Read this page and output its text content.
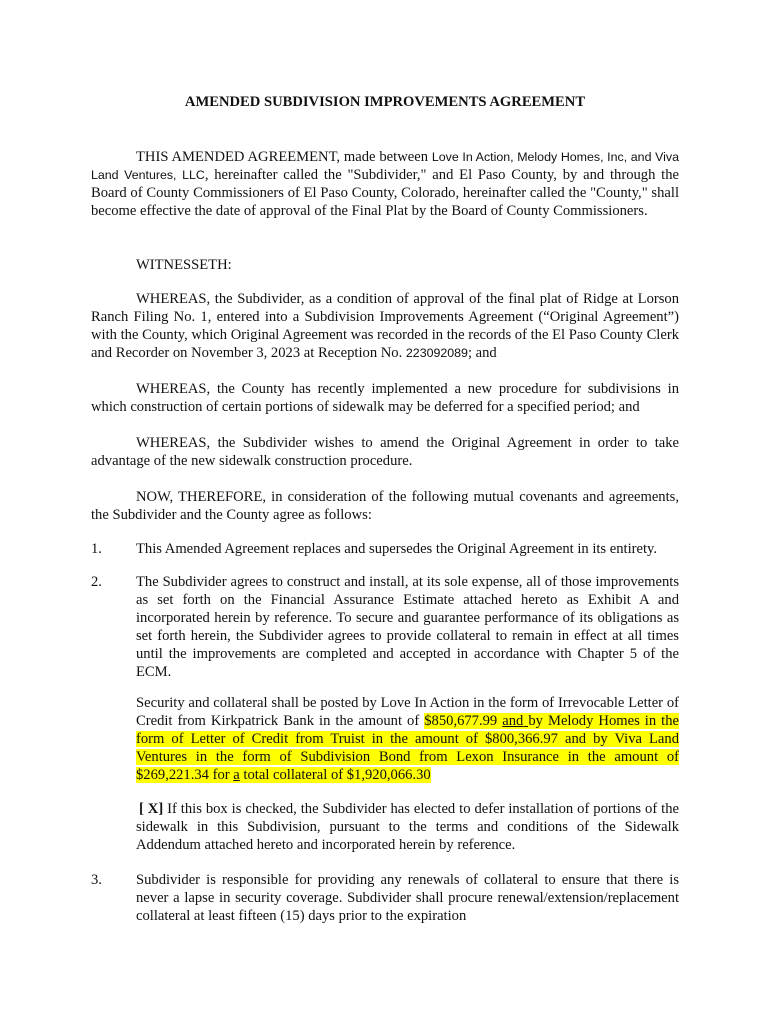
AMENDED SUBDIVISION IMPROVEMENTS AGREEMENT
THIS AMENDED AGREEMENT, made between Love In Action, Melody Homes, Inc, and Viva Land Ventures, LLC, hereinafter called the "Subdivider," and El Paso County, by and through the Board of County Commissioners of El Paso County, Colorado, hereinafter called the "County," shall become effective the date of approval of the Final Plat by the Board of County Commissioners.
WITNESSETH:
WHEREAS, the Subdivider, as a condition of approval of the final plat of Ridge at Lorson Ranch Filing No. 1, entered into a Subdivision Improvements Agreement (“Original Agreement”) with the County, which Original Agreement was recorded in the records of the El Paso County Clerk and Recorder on November 3, 2023 at Reception No. 223092089; and
WHEREAS, the County has recently implemented a new procedure for subdivisions in which construction of certain portions of sidewalk may be deferred for a specified period; and
WHEREAS, the Subdivider wishes to amend the Original Agreement in order to take advantage of the new sidewalk construction procedure.
NOW, THEREFORE, in consideration of the following mutual covenants and agreements, the Subdivider and the County agree as follows:
1. This Amended Agreement replaces and supersedes the Original Agreement in its entirety.
2. The Subdivider agrees to construct and install, at its sole expense, all of those improvements as set forth on the Financial Assurance Estimate attached hereto as Exhibit A and incorporated herein by reference. To secure and guarantee performance of its obligations as set forth herein, the Subdivider agrees to provide collateral to remain in effect at all times until the improvements are completed and accepted in accordance with Chapter 5 of the ECM.
Security and collateral shall be posted by Love In Action in the form of Irrevocable Letter of Credit from Kirkpatrick Bank in the amount of $850,677.99 and by Melody Homes in the form of Letter of Credit from Truist in the amount of $800,366.97 and by Viva Land Ventures in the form of Subdivision Bond from Lexon Insurance in the amount of $269,221.34 for a total collateral of $1,920,066.30
[ X] If this box is checked, the Subdivider has elected to defer installation of portions of the sidewalk in this Subdivision, pursuant to the terms and conditions of the Sidewalk Addendum attached hereto and incorporated herein by reference.
3. Subdivider is responsible for providing any renewals of collateral to ensure that there is never a lapse in security coverage. Subdivider shall procure renewal/extension/replacement collateral at least fifteen (15) days prior to the expiration
